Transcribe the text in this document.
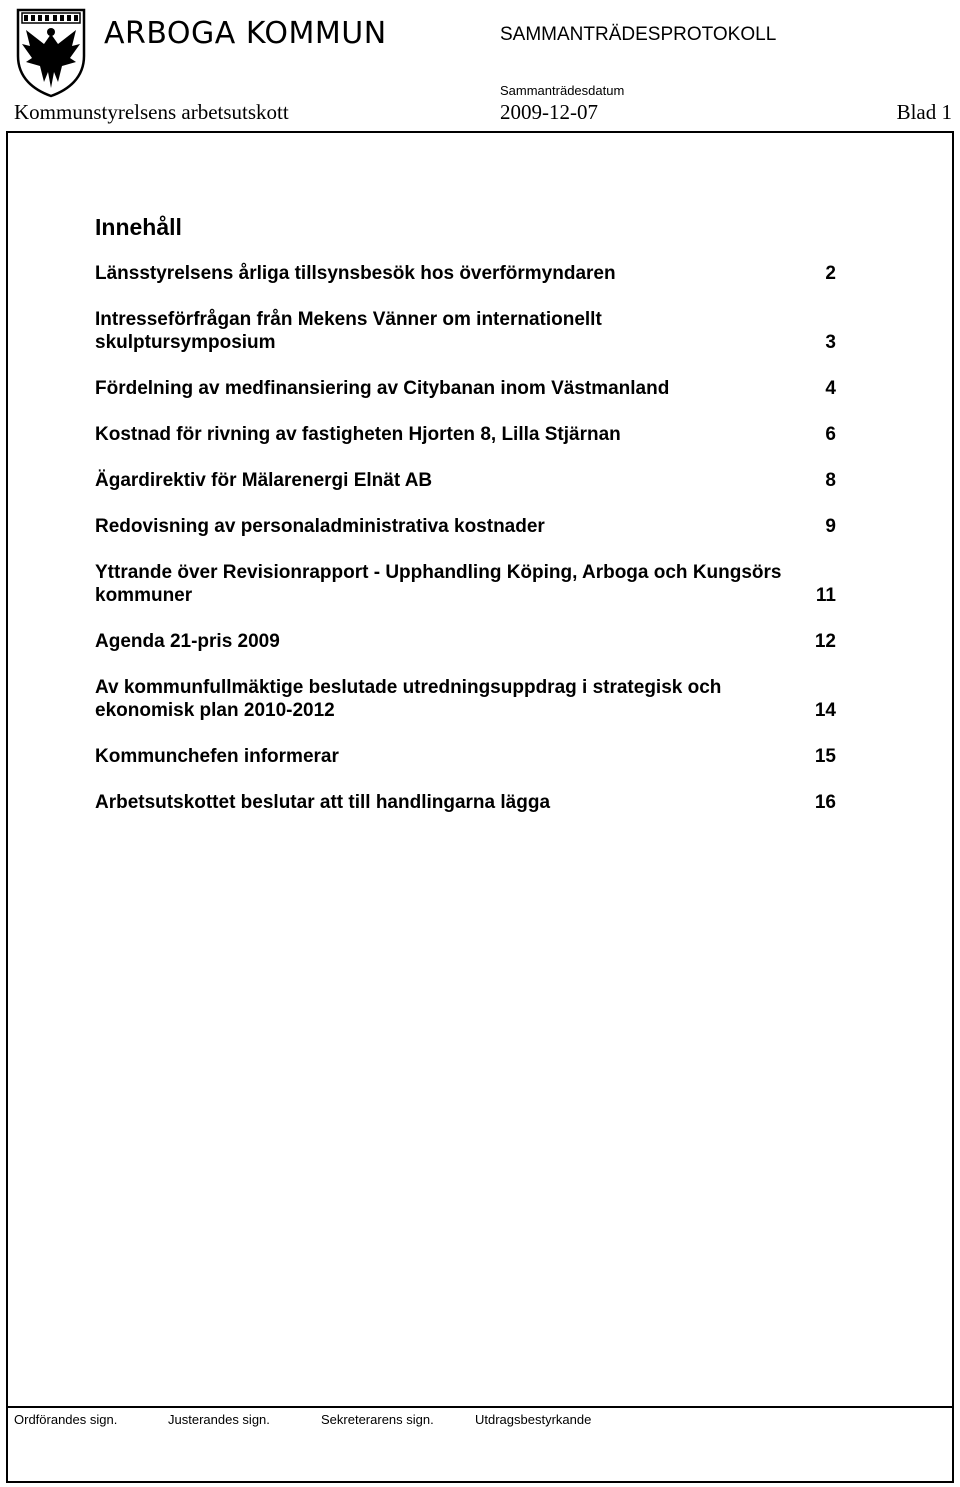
ARBOGA KOMMUN	SAMMANTRÄDESPROTOKOLL
Sammanträdesdatum
Kommunstyrelsens arbetsutskott	2009-12-07	Blad 1
Innehåll
Länsstyrelsens årliga tillsynsbesök hos överförmyndaren	2
Intresseförfrågan från Mekens Vänner om internationellt skulptursymposium	3
Fördelning av medfinansiering av Citybanan inom Västmanland	4
Kostnad för rivning av fastigheten Hjorten 8, Lilla Stjärnan	6
Ägardirektiv för Mälarenergi Elnät AB	8
Redovisning av personaladministrativa kostnader	9
Yttrande över Revisionrapport - Upphandling Köping, Arboga och Kungsörs kommuner	11
Agenda 21-pris 2009	12
Av kommunfullmäktige beslutade utredningsuppdrag i strategisk och ekonomisk plan 2010-2012	14
Kommunchefen informerar	15
Arbetsutskottet beslutar att till handlingarna lägga	16
Ordförandes sign.	Justerandes sign.	Sekreterarens sign.	Utdragsbestyrkande
